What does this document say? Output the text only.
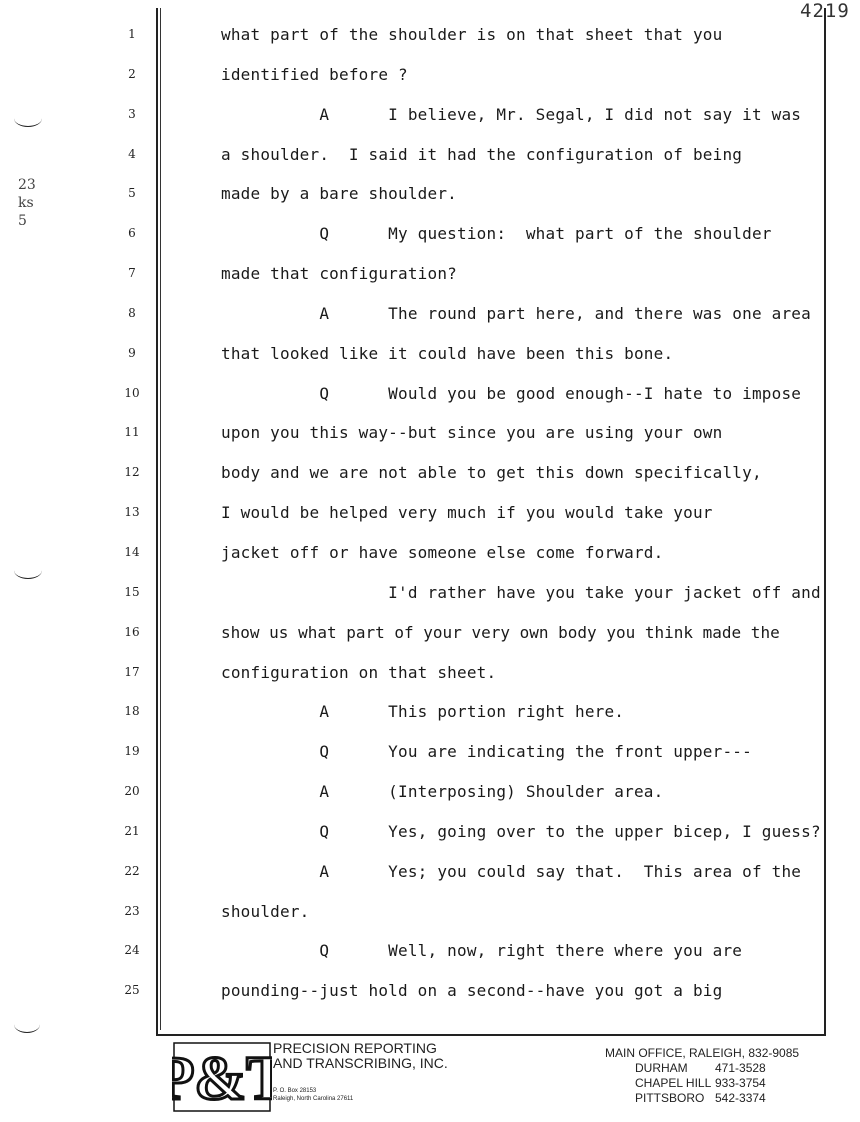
4219
23
ks
5
1	what part of the shoulder is on that sheet that you
2	identified before ?
3	A      I believe, Mr. Segal, I did not say it was
4	a shoulder.  I said it had the configuration of being
5	made by a bare shoulder.
6	Q      My question:  what part of the shoulder
7	made that configuration?
8	A      The round part here, and there was one area
9	that looked like it could have been this bone.
10	Q      Would you be good enough--I hate to impose
11	upon you this way--but since you are using your own
12	body and we are not able to get this down specifically,
13	I would be helped very much if you would take your
14	jacket off or have someone else come forward.
15	I'd rather have you take your jacket off and
16	show us what part of your very own body you think made the
17	configuration on that sheet.
18	A      This portion right here.
19	Q      You are indicating the front upper---
20	A      (Interposing) Shoulder area.
21	Q      Yes, going over to the upper bicep, I guess?
22	A      Yes; you could say that.  This area of the
23	shoulder.
24	Q      Well, now, right there where you are
25	pounding--just hold on a second--have you got a big
P&T
PRECISION REPORTING
AND TRANSCRIBING, INC.
P. O. Box 28153
Raleigh, North Carolina 27611
MAIN OFFICE, RALEIGH, 832-9085
DURHAM	471-3528
CHAPEL HILL 933-3754
PITTSBORO 542-3374
